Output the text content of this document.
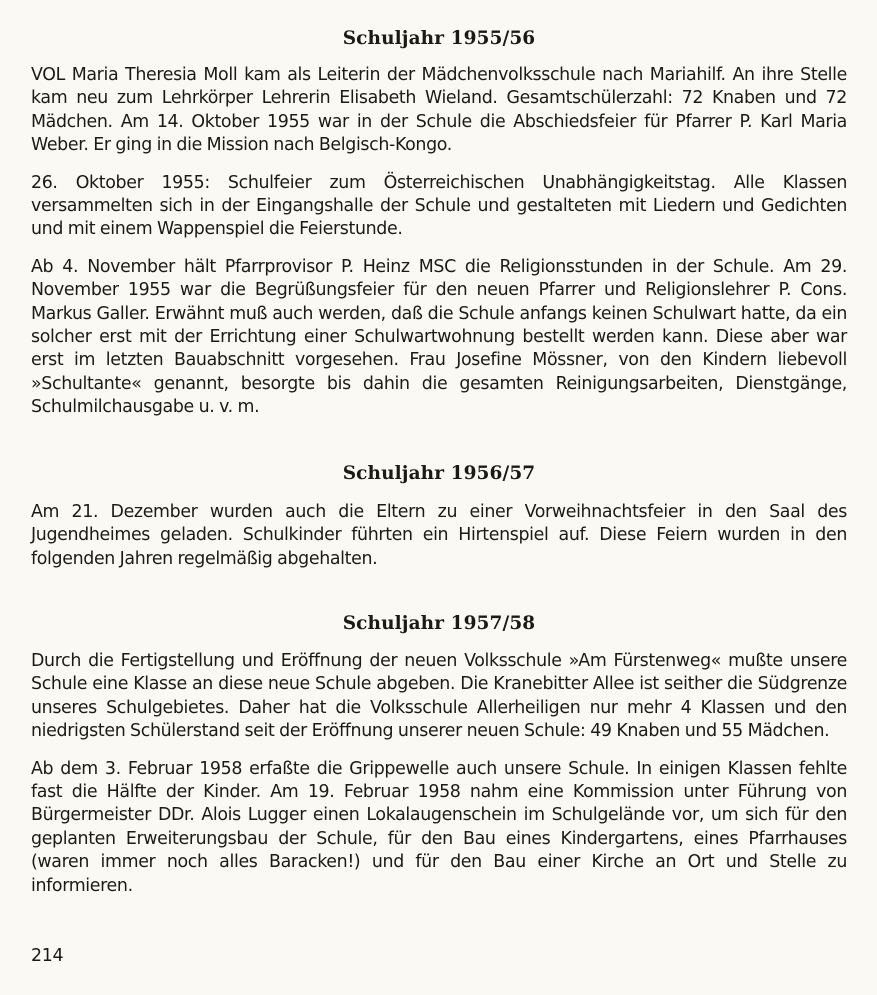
Schuljahr 1955/56

VOL Maria Theresia Moll kam als Leiterin der Mädchenvolksschule nach Mariahilf. An ihre Stelle kam neu zum Lehrkörper Lehrerin Elisabeth Wieland. Gesamtschülerzahl: 72 Knaben und 72 Mädchen. Am 14. Oktober 1955 war in der Schule die Abschiedsfeier für Pfarrer P. Karl Maria Weber. Er ging in die Mission nach Belgisch-Kongo.

26. Oktober 1955: Schulfeier zum Österreichischen Unabhängigkeitstag. Alle Klassen versammelten sich in der Eingangshalle der Schule und gestalteten mit Liedern und Gedichten und mit einem Wappenspiel die Feierstunde.

Ab 4. November hält Pfarrprovisor P. Heinz MSC die Religionsstunden in der Schule. Am 29. November 1955 war die Begrüßungsfeier für den neuen Pfarrer und Religionslehrer P. Cons. Markus Galler. Erwähnt muß auch werden, daß die Schule anfangs keinen Schulwart hatte, da ein solcher erst mit der Errichtung einer Schulwartwohnung bestellt werden kann. Diese aber war erst im letzten Bauabschnitt vorgesehen. Frau Josefine Mössner, von den Kindern liebevoll »Schultante« genannt, besorgte bis dahin die gesamten Reinigungsarbeiten, Dienstgänge, Schulmilchausgabe u. v. m.

Schuljahr 1956/57

Am 21. Dezember wurden auch die Eltern zu einer Vorweihnachtsfeier in den Saal des Jugendheimes geladen. Schulkinder führten ein Hirtenspiel auf. Diese Feiern wurden in den folgenden Jahren regelmäßig abgehalten.

Schuljahr 1957/58

Durch die Fertigstellung und Eröffnung der neuen Volksschule »Am Fürstenweg« mußte unsere Schule eine Klasse an diese neue Schule abgeben. Die Kranebitter Allee ist seither die Südgrenze unseres Schulgebietes. Daher hat die Volksschule Allerheiligen nur mehr 4 Klassen und den niedrigsten Schülerstand seit der Eröffnung unserer neuen Schule: 49 Knaben und 55 Mädchen.

Ab dem 3. Februar 1958 erfaßte die Grippewelle auch unsere Schule. In einigen Klassen fehlte fast die Hälfte der Kinder. Am 19. Februar 1958 nahm eine Kommission unter Führung von Bürgermeister DDr. Alois Lugger einen Lokalaugenschein im Schulgelände vor, um sich für den geplanten Erweiterungsbau der Schule, für den Bau eines Kindergartens, eines Pfarrhauses (waren immer noch alles Baracken!) und für den Bau einer Kirche an Ort und Stelle zu informieren.

214
